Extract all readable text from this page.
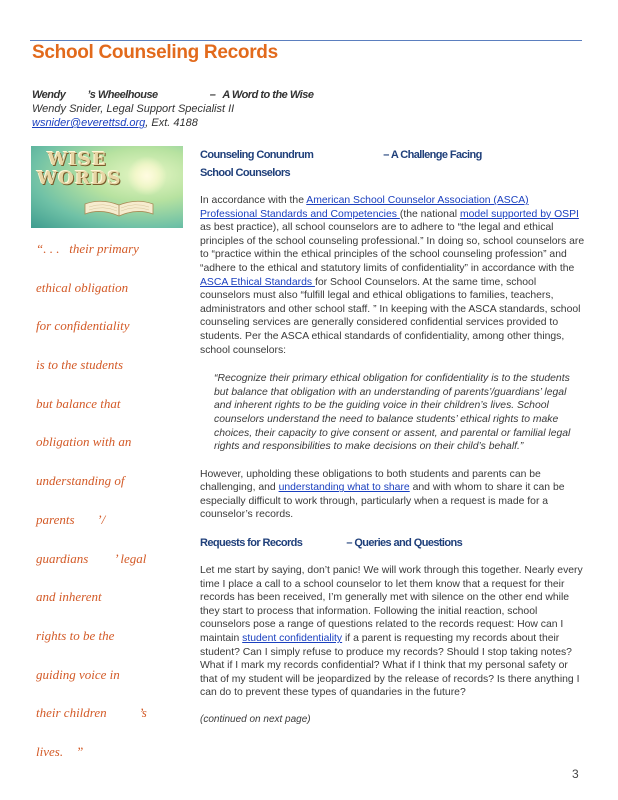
School Counseling Records
Wendy ’s Wheelhouse	– A Word to the Wise
Wendy Snider, Legal Support Specialist II
wsnider@everettsd.org, Ext. 4188
WISE WORDS
“. . .   their primary
ethical obligation
for confidentiality
is to the students
but balance that
obligation with an
understanding of
parents       ’/
guardians        ’ legal
and inherent
rights to be the
guiding voice in
their children          ’s
lives.    ”
Counseling Conundrum	– A Challenge Facing
School Counselors

In accordance with the American School Counselor Association (ASCA) Professional Standards and Competencies (the national model supported by OSPI as best practice), all school counselors are to adhere to “the legal and ethical principles of the school counseling professional.” In doing so, school counselors are to “practice within the ethical principles of the school counseling profession” and “adhere to the ethical and statutory limits of confidentiality” in accordance with the ASCA Ethical Standards for School Counselors. At the same time, school counselors must also “fulfill legal and ethical obligations to families, teachers, administrators and other school staff. ” In keeping with the ASCA standards, school counseling services are generally considered confidential services provided to students. Per the ASCA ethical standards of confidentiality, among other things, school counselors:

“Recognize their primary ethical obligation for confidentiality is to the students but balance that obligation with an understanding of parents’/guardians’ legal and inherent rights to be the guiding voice in their children’s lives. School counselors understand the need to balance students’ ethical rights to make choices, their capacity to give consent or assent, and parental or familial legal rights and responsibilities to make decisions on their child’s behalf.”

However, upholding these obligations to both students and parents can be challenging, and understanding what to share and with whom to share it can be especially difficult to work through, particularly when a request is made for a counselor’s records.

Requests for Records	– Queries and Questions

Let me start by saying, don’t panic! We will work through this together. Nearly every time I place a call to a school counselor to let them know that a request for their records has been received, I’m generally met with silence on the other end while they start to process that information. Following the initial reaction, school counselors pose a range of questions related to the records request: How can I maintain student confidentiality if a parent is requesting my records about their student? Can I simply refuse to produce my records? Should I stop taking notes? What if I mark my records confidential? What if I think that my personal safety or that of my student will be jeopardized by the release of records? Is there anything I can do to prevent these types of quandaries in the future?

(continued on next page)

3
